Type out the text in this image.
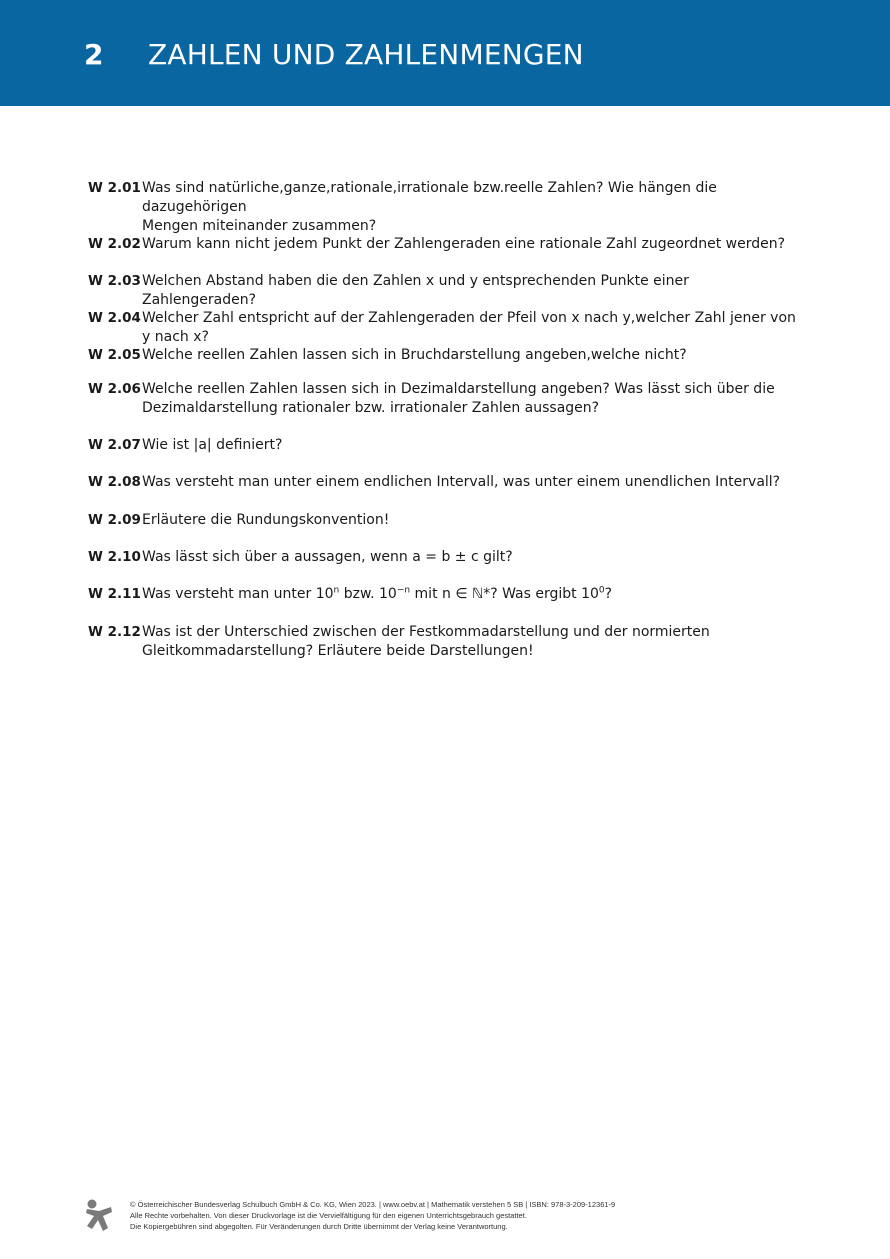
2 ZAHLEN UND ZAHLENMENGEN
W 2.01 Was sind natürliche,ganze,rationale,irrationale bzw.reelle Zahlen? Wie hängen die dazugehörigen
Mengen miteinander zusammen?
W 2.02 Warum kann nicht jedem Punkt der Zahlengeraden eine rationale Zahl zugeordnet werden?
W 2.03 Welchen Abstand haben die den Zahlen x und y entsprechenden Punkte einer Zahlengeraden?
W 2.04 Welcher Zahl entspricht auf der Zahlengeraden der Pfeil von x nach y,welcher Zahl jener von y nach x?
W 2.05 Welche reellen Zahlen lassen sich in Bruchdarstellung angeben,welche nicht?
W 2.06 Welche reellen Zahlen lassen sich in Dezimaldarstellung angeben? Was lässt sich über die
Dezimaldarstellung rationaler bzw. irrationaler Zahlen aussagen?
W 2.07 Wie ist |a| definiert?
W 2.08 Was versteht man unter einem endlichen Intervall, was unter einem unendlichen Intervall?
W 2.09 Erläutere die Rundungskonvention!
W 2.10 Was lässt sich über a aussagen, wenn a = b ± c gilt?
W 2.11 Was versteht man unter 10$^n$ bzw. $10^{-n}$ mit n ∈ ℕ*? Was ergibt $10^0$?
W 2.12 Was ist der Unterschied zwischen der Festkommadarstellung und der normierten
Gleitkommadarstellung? Erläutere beide Darstellungen!
© Österreichischer Bundesverlag Schulbuch GmbH & Co. KG, Wien 2023. | www.oebv.at | Mathematik verstehen 5 SB | ISBN: 978-3-209-12361-9
Alle Rechte vorbehalten. Von dieser Druckvorlage ist die Vervielfältigung für den eigenen Unterrichtsgebrauch gestattet.
Die Kopiergebühren sind abgegolten. Für Veränderungen durch Dritte übernimmt der Verlag keine Verantwortung.
